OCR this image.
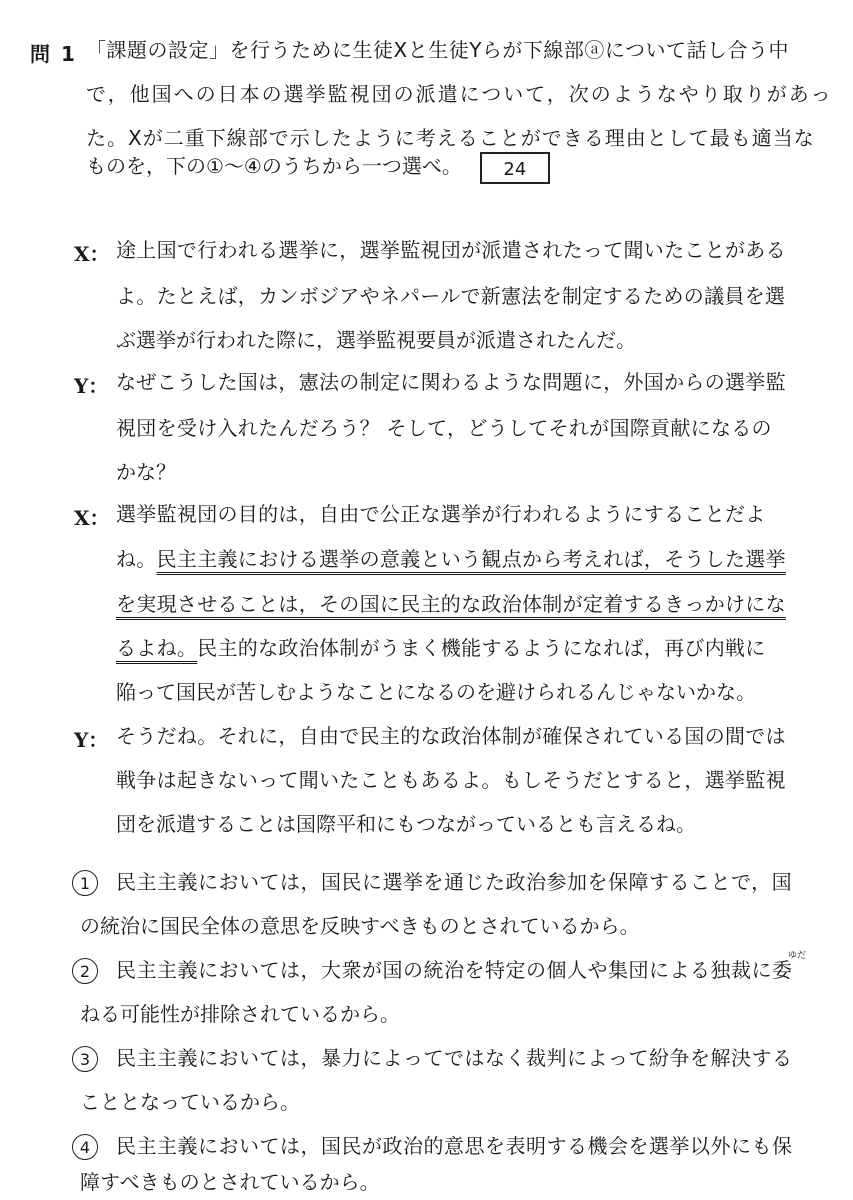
問 1 「課題の設定」を行うために生徒Xと生徒Yらが下線部ⓐについて話し合う中
で，他国への日本の選挙監視団の派遣について，次のようなやり取りがあっ
た。Xが二重下線部で示したように考えることができる理由として最も適当な
ものを，下の①～④のうちから一つ選べ。 24
X： 途上国で行われる選挙に，選挙監視団が派遣されたって聞いたことがある
よ。たとえば，カンボジアやネパールで新憲法を制定するための議員を選
ぶ選挙が行われた際に，選挙監視要員が派遣されたんだ。
Y： なぜこうした国は，憲法の制定に関わるような問題に，外国からの選挙監
視団を受け入れたんだろう？ そして，どうしてそれが国際貢献になるの
かな？
X： 選挙監視団の目的は，自由で公正な選挙が行われるようにすることだよ
ね。民主主義における選挙の意義という観点から考えれば，そうした選挙
を実現させることは，その国に民主的な政治体制が定着するきっかけにな
るよね。民主的な政治体制がうまく機能するようになれば，再び内戦に
陥って国民が苦しむようなことになるのを避けられるんじゃないかな。
Y： そうだね。それに，自由で民主的な政治体制が確保されている国の間では
戦争は起きないって聞いたこともあるよ。もしそうだとすると，選挙監視
団を派遣することは国際平和にもつながっているとも言えるね。
1	民主主義においては，国民に選挙を通じた政治参加を保障することで，国
の統治に国民全体の意思を反映すべきものとされているから。
ゆだ
2	民主主義においては，大衆が国の統治を特定の個人や集団による独裁に委
ねる可能性が排除されているから。
3	民主主義においては，暴力によってではなく裁判によって紛争を解決する
こととなっているから。
4	民主主義においては，国民が政治的意思を表明する機会を選挙以外にも保
障すべきものとされているから。
